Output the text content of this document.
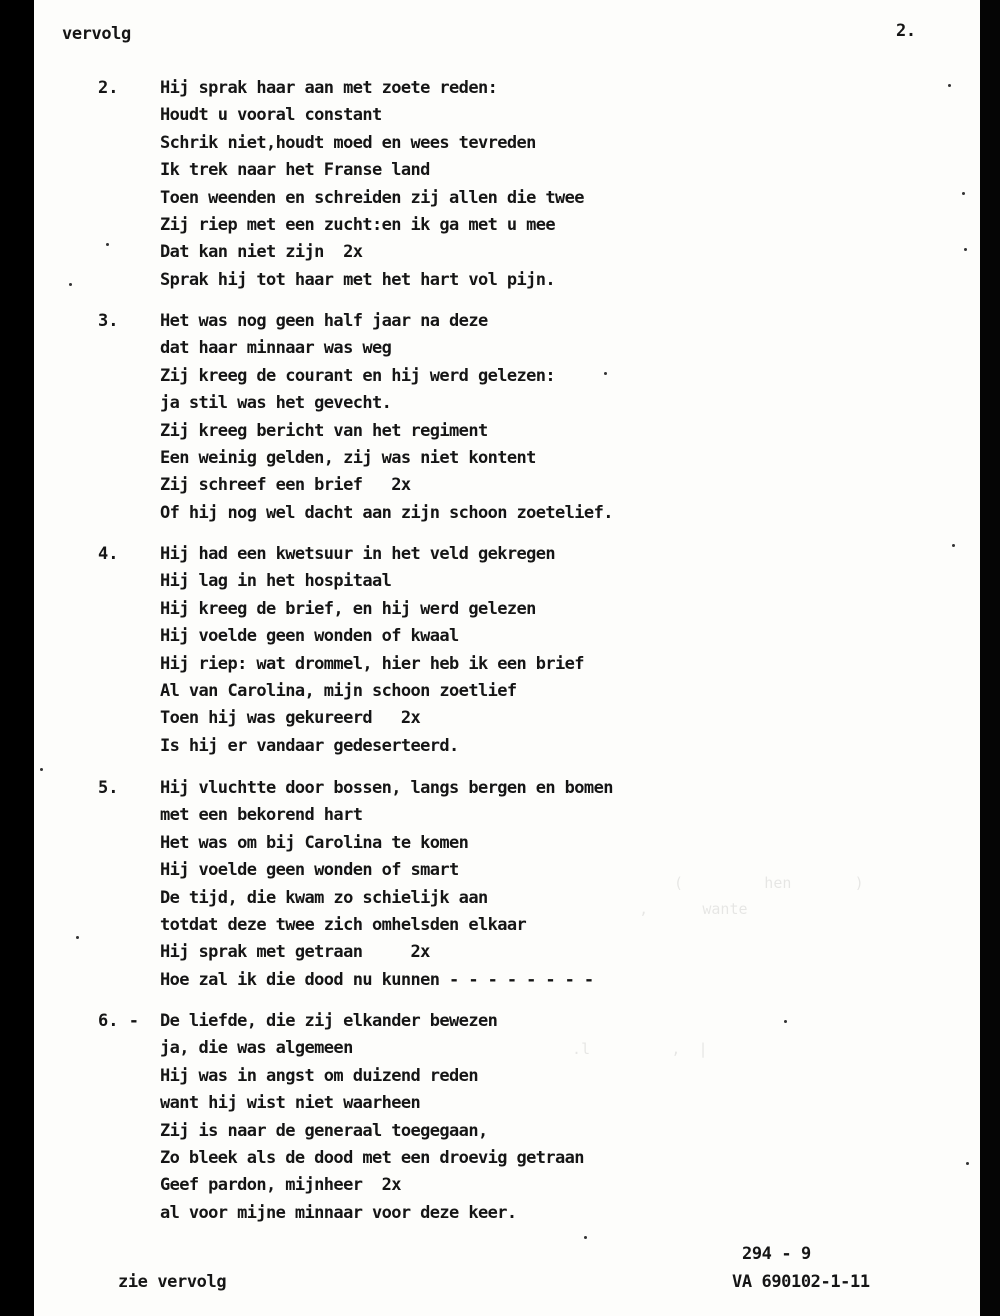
(         hen       )
,      wante
.l         ,  |
vervolg	2.
2. Hij sprak haar aan met zoete reden:
Houdt u vooral constant
Schrik niet,houdt moed en wees tevreden
Ik trek naar het Franse land
Toen weenden en schreiden zij allen die twee
Zij riep met een zucht:en ik ga met u mee
Dat kan niet zijn  2x
Sprak hij tot haar met het hart vol pijn.
3. Het was nog geen half jaar na deze
dat haar minnaar was weg
Zij kreeg de courant en hij werd gelezen:
ja stil was het gevecht.
Zij kreeg bericht van het regiment
Een weinig gelden, zij was niet kontent
Zij schreef een brief   2x
Of hij nog wel dacht aan zijn schoon zoetelief.
4. Hij had een kwetsuur in het veld gekregen
Hij lag in het hospitaal
Hij kreeg de brief, en hij werd gelezen
Hij voelde geen wonden of kwaal
Hij riep: wat drommel, hier heb ik een brief
Al van Carolina, mijn schoon zoetlief
Toen hij was gekureerd   2x
Is hij er vandaar gedeserteerd.
5. Hij vluchtte door bossen, langs bergen en bomen
met een bekorend hart
Het was om bij Carolina te komen
Hij voelde geen wonden of smart
De tijd, die kwam zo schielijk aan
totdat deze twee zich omhelsden elkaar
Hij sprak met getraan     2x
Hoe zal ik die dood nu kunnen - - - - - - - -
6. - De liefde, die zij elkander bewezen
ja, die was algemeen
Hij was in angst om duizend reden
want hij wist niet waarheen
Zij is naar de generaal toegegaan,
Zo bleek als de dood met een droevig getraan
Geef pardon, mijnheer  2x
al voor mijne minnaar voor deze keer.
zie vervolg
294 - 9
VA 690102-1-11
